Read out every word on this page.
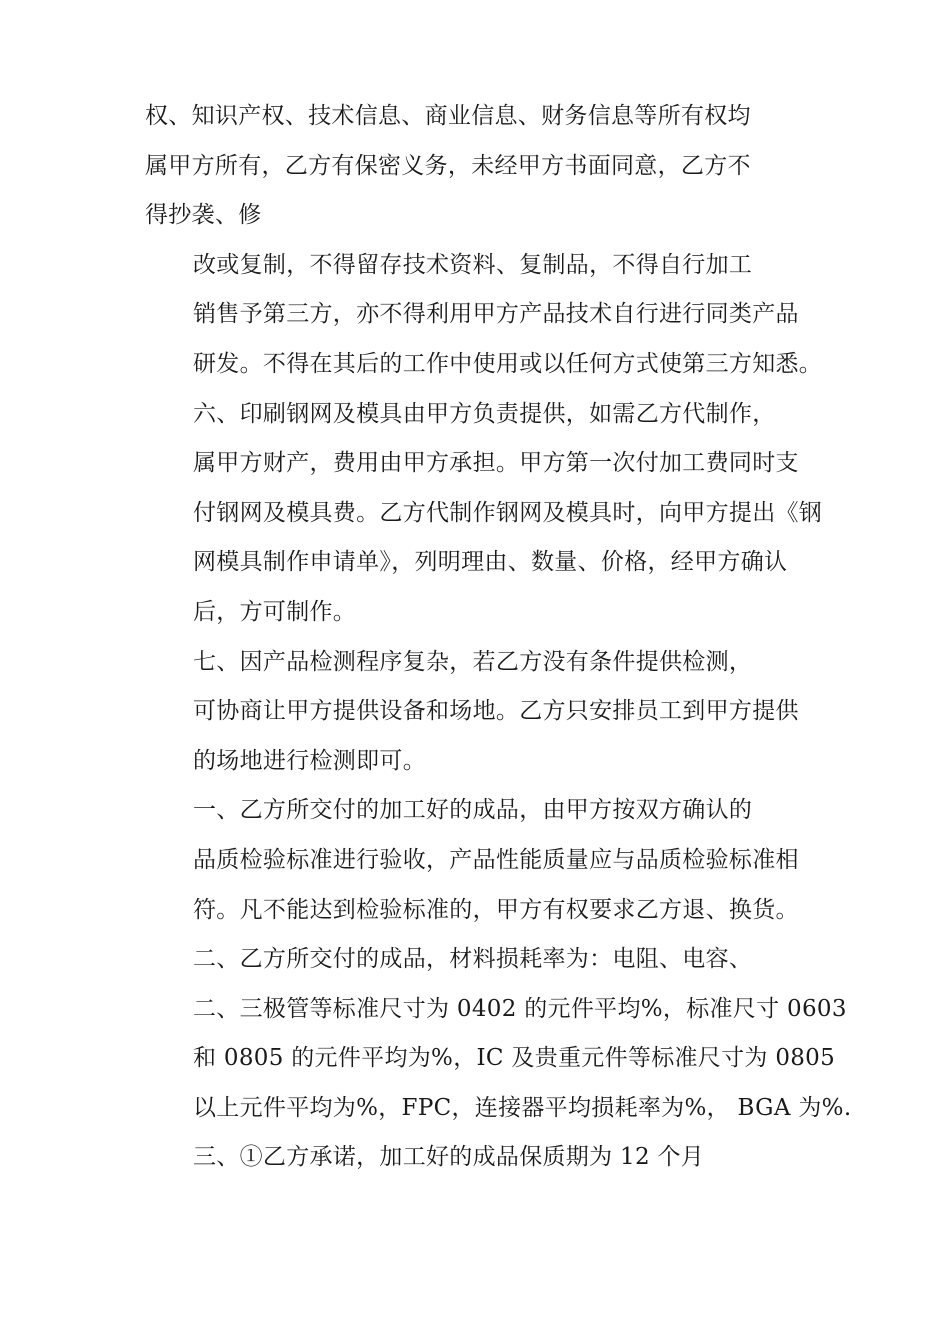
权、知识产权、技术信息、商业信息、财务信息等所有权均
属甲方所有，乙方有保密义务，未经甲方书面同意，乙方不
得抄袭、修

改或复制，不得留存技术资料、复制品，不得自行加工
销售予第三方，亦不得利用甲方产品技术自行进行同类产品
研发。不得在其后的工作中使用或以任何方式使第三方知悉。

六、印刷钢网及模具由甲方负责提供，如需乙方代制作，
属甲方财产，费用由甲方承担。甲方第一次付加工费同时支
付钢网及模具费。乙方代制作钢网及模具时，向甲方提出《钢
网模具制作申请单》，列明理由、数量、价格，经甲方确认
后，方可制作。

七、因产品检测程序复杂，若乙方没有条件提供检测，
可协商让甲方提供设备和场地。乙方只安排员工到甲方提供
的场地进行检测即可。

一、乙方所交付的加工好的成品，由甲方按双方确认的
品质检验标准进行验收，产品性能质量应与品质检验标准相
符。凡不能达到检验标准的，甲方有权要求乙方退、换货。

二、乙方所交付的成品，材料损耗率为：电阻、电容、
二、三极管等标准尺寸为 0402 的元件平均%，标准尺寸 0603
和 0805 的元件平均为%，IC 及贵重元件等标准尺寸为 0805
以上元件平均为%，FPC，连接器平均损耗率为%， BGA 为%.

三、①乙方承诺，加工好的成品保质期为 12 个月
